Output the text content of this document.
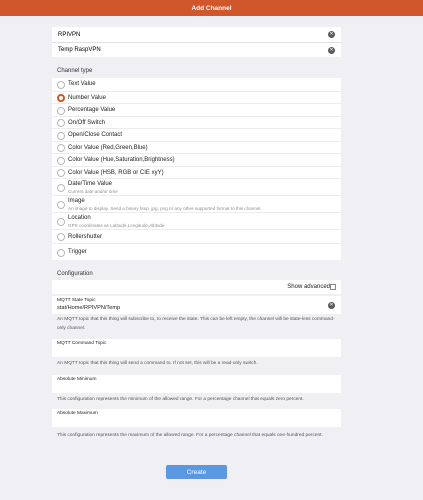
Add Channel
RPIVPN	✕
Temp RaspVPN	✕
Channel type
Text Value
Number Value
Percentage Value
On/Off Switch
Open/Close Contact
Color Value (Red,Green,Blue)
Color Value (Hue,Saturation,Brightness)
Color Value (HSB, RGB or CIE xyY)
Date/Time Value
Current date and/or time
Image
An image to display. Send a binary bmp, jpg, png or any other supported format to this channel.
Location
GPS coordinates as Latitude,Longitude,Altitude
Rollershutter
Trigger
Configuration
Show advanced
MQTT State Topic
stat/Home/RPIVPN/Temp	✕
An MQTT topic that this thing will subscribe to, to receive the state. This can be left empty, the channel will be state-less command-only channel.
MQTT Command Topic
An MQTT topic that this thing will send a command to. If not set, this will be a read-only switch.
Absolute Minimum
This configuration represents the minimum of the allowed range. For a percentage channel that equals zero percent.
Absolute Maximum
This configuration represents the maximum of the allowed range. For a percentage channel that equals one-hundred percent.
Create
